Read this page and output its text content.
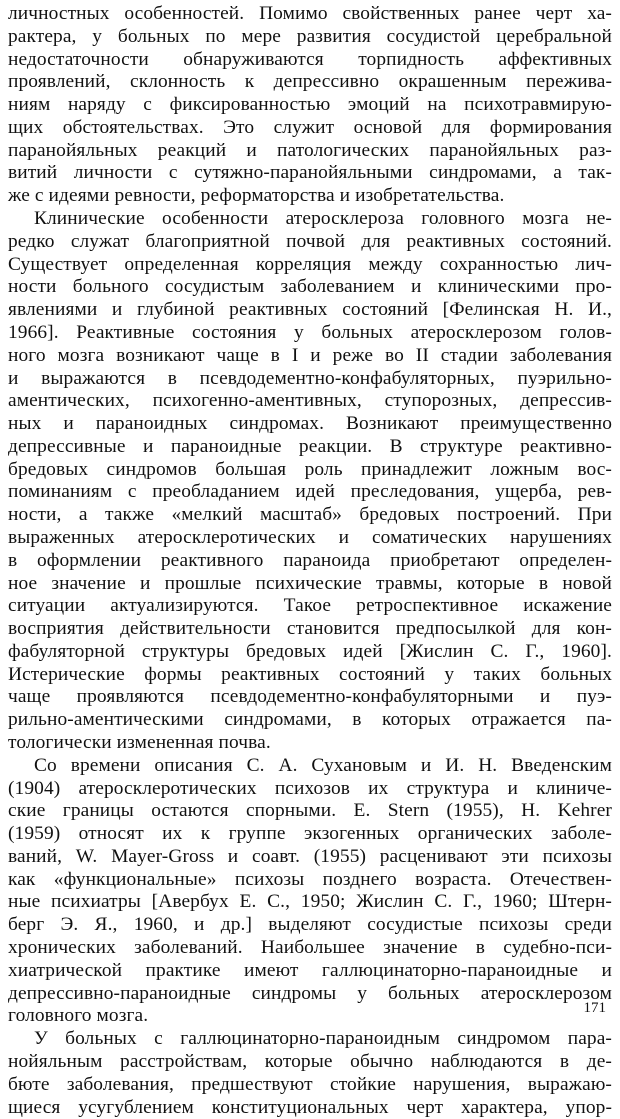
личностных особенностей. Помимо свойственных ранее черт ха-
рактера, у больных по мере развития сосудистой церебральной
недостаточности обнаруживаются торпидность аффективных
проявлений, склонность к депрессивно окрашенным пережива-
ниям наряду с фиксированностью эмоций на психотравмирую-
щих обстоятельствах. Это служит основой для формирования
паранойяльных реакций и патологических паранойяльных раз-
витий личности с сутяжно-паранойяльными синдромами, а так-
же с идеями ревности, реформаторства и изобретательства.

Клинические особенности атеросклероза головного мозга не-
редко служат благоприятной почвой для реактивных состояний.
Существует определенная корреляция между сохранностью лич-
ности больного сосудистым заболеванием и клиническими про-
явлениями и глубиной реактивных состояний [Фелинская Н. И.,
1966]. Реактивные состояния у больных атеросклерозом голов-
ного мозга возникают чаще в I и реже во II стадии заболевания
и выражаются в псевдодементно-конфабуляторных, пуэрильно-
аментических, психогенно-аментивных, ступорозных, депрессив-
ных и параноидных синдромах. Возникают преимущественно
депрессивные и параноидные реакции. В структуре реактивно-
бредовых синдромов большая роль принадлежит ложным вос-
поминаниям с преобладанием идей преследования, ущерба, рев-
ности, а также «мелкий масштаб» бредовых построений. При
выраженных атеросклеротических и соматических нарушениях
в оформлении реактивного параноида приобретают определен-
ное значение и прошлые психические травмы, которые в новой
ситуации актуализируются. Такое ретроспективное искажение
восприятия действительности становится предпосылкой для кон-
фабуляторной структуры бредовых идей [Жислин С. Г., 1960].
Истерические формы реактивных состояний у таких больных
чаще проявляются псевдодементно-конфабуляторными и пуэ-
рильно-аментическими синдромами, в которых отражается па-
тологически измененная почва.

Со времени описания С. А. Сухановым и И. Н. Введенским
(1904) атеросклеротических психозов их структура и клиниче-
ские границы остаются спорными. E. Stern (1955), H. Kehrer
(1959) относят их к группе экзогенных органических заболе-
ваний, W. Mayer-Gross и соавт. (1955) расценивают эти психозы
как «функциональные» психозы позднего возраста. Отечествен-
ные психиатры [Авербух Е. С., 1950; Жислин С. Г., 1960; Штерн-
берг Э. Я., 1960, и др.] выделяют сосудистые психозы среди
хронических заболеваний. Наибольшее значение в судебно-пси-
хиатрической практике имеют галлюцинаторно-параноидные и
депрессивно-параноидные синдромы у больных атеросклерозом
головного мозга.

У больных с галлюцинаторно-параноидным синдромом пара-
нойяльным расстройствам, которые обычно наблюдаются в де-
бюте заболевания, предшествуют стойкие нарушения, выражаю-
щиеся усугублением конституциональных черт характера, упор-

171
